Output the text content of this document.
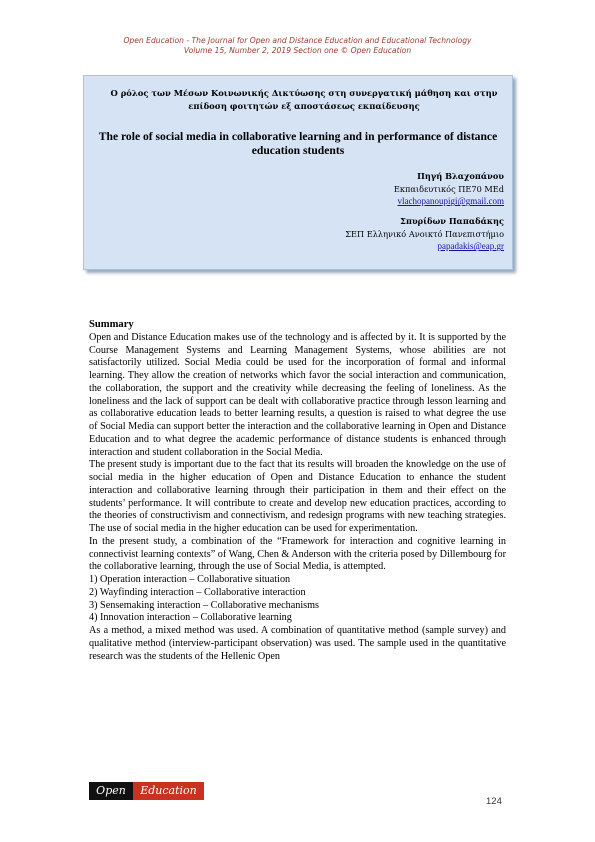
Open Education - The Journal for Open and Distance Education and Educational Technology
Volume 15, Number 2, 2019 Section one © Open Education
Ο ρόλος των Μέσων Κοινωνικής Δικτύωσης στη συνεργατική μάθηση και στην επίδοση φοιτητών εξ αποστάσεως εκπαίδευσης
The role of social media in collaborative learning and in performance of distance education students
Πηγή Βλαχοπάνου
Εκπαιδευτικός ΠΕ70 MEd
vlachopanoupigi@gmail.com
Σπυρίδων Παπαδάκης
ΣΕΠ Ελληνικό Ανοικτό Πανεπιστήμιο
papadakis@eap.gr
Summary

Open and Distance Education makes use of the technology and is affected by it. It is supported by the Course Management Systems and Learning Management Systems, whose abilities are not satisfactorily utilized. Social Media could be used for the incorporation of formal and informal learning. They allow the creation of networks which favor the social interaction and communication, the collaboration, the support and the creativity while decreasing the feeling of loneliness. As the loneliness and the lack of support can be dealt with collaborative practice through lesson learning and as collaborative education leads to better learning results, a question is raised to what degree the use of Social Media can support better the interaction and the collaborative learning in Open and Distance Education and to what degree the academic performance of distance students is enhanced through interaction and student collaboration in the Social Media.

The present study is important due to the fact that its results will broaden the knowledge on the use of social media in the higher education of Open and Distance Education to enhance the student interaction and collaborative learning through their participation in them and their effect on the students’ performance. It will contribute to create and develop new education practices, according to the theories of constructivism and connectivism, and redesign programs with new teaching strategies. The use of social media in the higher education can be used for experimentation.

In the present study, a combination of the “Framework for interaction and cognitive learning in connectivist learning contexts” of Wang, Chen & Anderson with the criteria posed by Dillembourg for the collaborative learning, through the use of Social Media, is attempted.

1) Operation interaction – Collaborative situation
2) Wayfinding interaction – Collaborative interaction
3) Sensemaking interaction – Collaborative mechanisms
4) Innovation interaction – Collaborative learning

As a method, a mixed method was used. A combination of quantitative method (sample survey) and qualitative method (interview-participant observation) was used. The sample used in the quantitative research was the students of the Hellenic Open

Open	Education
124
